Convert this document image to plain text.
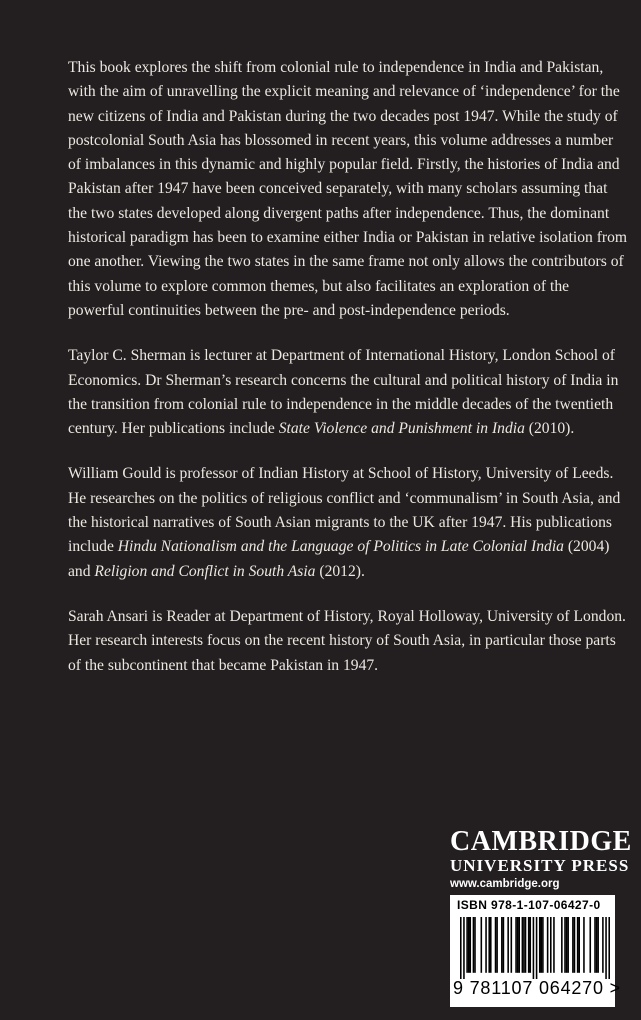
This book explores the shift from colonial rule to independence in India and Pakistan, with the aim of unravelling the explicit meaning and relevance of ‘independence’ for the new citizens of India and Pakistan during the two decades post 1947. While the study of postcolonial South Asia has blossomed in recent years, this volume addresses a number of imbalances in this dynamic and highly popular field. Firstly, the histories of India and Pakistan after 1947 have been conceived separately, with many scholars assuming that the two states developed along divergent paths after independence. Thus, the dominant historical paradigm has been to examine either India or Pakistan in relative isolation from one another. Viewing the two states in the same frame not only allows the contributors of this volume to explore common themes, but also facilitates an exploration of the powerful continuities between the pre- and post-independence periods.

Taylor C. Sherman is lecturer at Department of International History, London School of Economics. Dr Sherman’s research concerns the cultural and political history of India in the transition from colonial rule to independence in the middle decades of the twentieth century. Her publications include State Violence and Punishment in India (2010).

William Gould is professor of Indian History at School of History, University of Leeds. He researches on the politics of religious conflict and ‘communalism’ in South Asia, and the historical narratives of South Asian migrants to the UK after 1947. His publications include Hindu Nationalism and the Language of Politics in Late Colonial India (2004) and Religion and Conflict in South Asia (2012).

Sarah Ansari is Reader at Department of History, Royal Holloway, University of London. Her research interests focus on the recent history of South Asia, in particular those parts of the subcontinent that became Pakistan in 1947.

CAMBRIDGE
UNIVERSITY PRESS
www.cambridge.org
ISBN 978-1-107-06427-0
9 781107 064270 >
